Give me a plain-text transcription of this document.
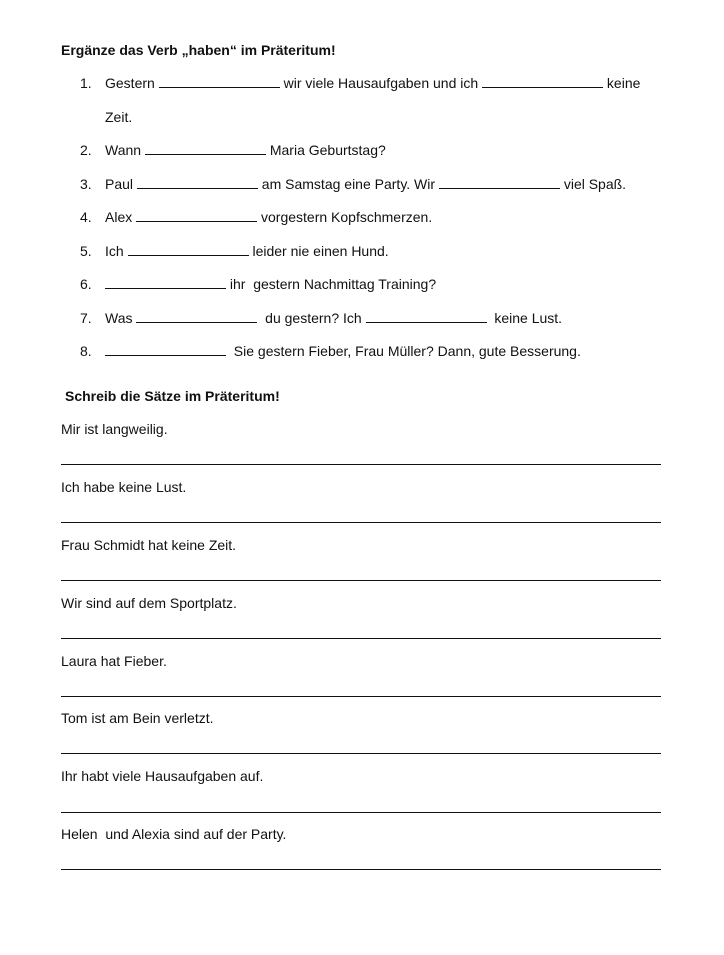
Ergänze das Verb „haben“ im Präteritum!
1. Gestern	wir viele Hausaufgaben und ich	keine
Zeit.
2. Wann	Maria Geburtstag?
3. Paul	am Samstag eine Party. Wir	viel Spaß.
4. Alex	vorgestern Kopfschmerzen.
5. Ich	leider nie einen Hund.
6.	ihr  gestern Nachmittag Training?
7. Was	du gestern? Ich	keine Lust.
8.	Sie gestern Fieber, Frau Müller? Dann, gute Besserung.
Schreib die Sätze im Präteritum!
Mir ist langweilig.
Ich habe keine Lust.
Frau Schmidt hat keine Zeit.
Wir sind auf dem Sportplatz.
Laura hat Fieber.
Tom ist am Bein verletzt.
Ihr habt viele Hausaufgaben auf.
Helen  und Alexia sind auf der Party.
